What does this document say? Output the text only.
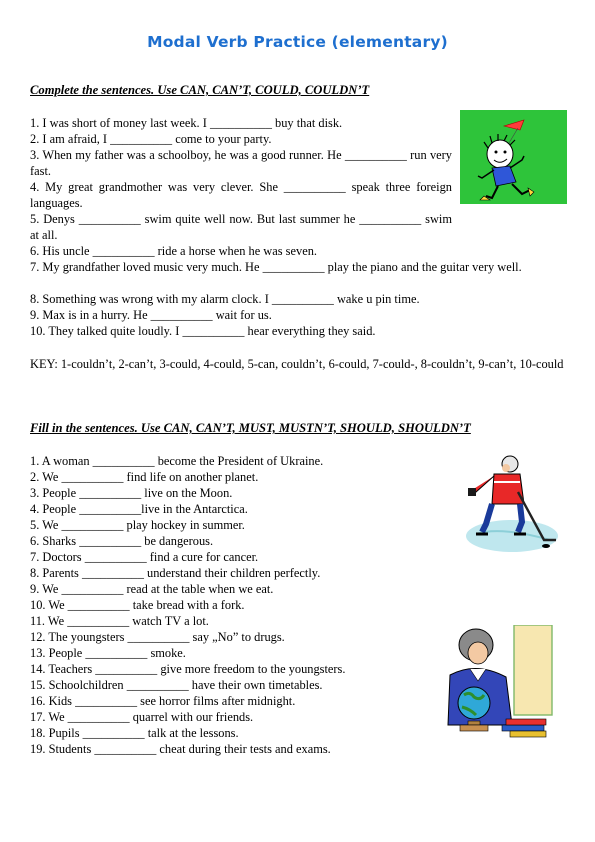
Modal Verb Practice (elementary)
Complete the sentences. Use CAN, CAN’T, COULD, COULDN’T
1. I was short of money last week. I __________ buy that disk.
2. I am afraid, I __________ come to your party.
3. When my father was a schoolboy, he was a good runner. He __________ run very fast.
4. My great grandmother was very clever. She __________ speak three foreign languages.
5. Denys __________ swim quite well now. But last summer he __________ swim at all.
6. His uncle __________ ride a horse when he was seven.
7. My grandfather loved music very much. He __________ play the piano and the guitar very well.
8. Something was wrong with my alarm clock. I __________ wake u pin time.
9. Max is in a hurry. He __________ wait for us.
10. They talked quite loudly. I __________ hear everything they said.
KEY: 1-couldn’t, 2-can’t, 3-could, 4-could, 5-can, couldn’t, 6-could, 7-could-, 8-couldn’t, 9-can’t, 10-could
Fill in the sentences. Use CAN, CAN’T, MUST, MUSTN’T, SHOULD, SHOULDN’T
1. A woman __________ become the President of Ukraine.
2. We __________ find life on another planet.
3. People __________ live on the Moon.
4. People __________live in the Antarctica.
5. We __________ play hockey in summer.
6. Sharks __________ be dangerous.
7. Doctors __________ find a cure for cancer.
8. Parents __________ understand their children perfectly.
9. We __________ read at the table when we eat.
10. We __________ take bread with a fork.
11. We __________ watch TV a lot.
12. The youngsters __________ say „No” to drugs.
13. People __________ smoke.
14. Teachers __________ give more freedom to the youngsters.
15. Schoolchildren __________ have their own timetables.
16. Kids __________ see horror films after midnight.
17. We __________ quarrel with our friends.
18. Pupils __________ talk at the lessons.
19. Students __________ cheat during their tests and exams.
